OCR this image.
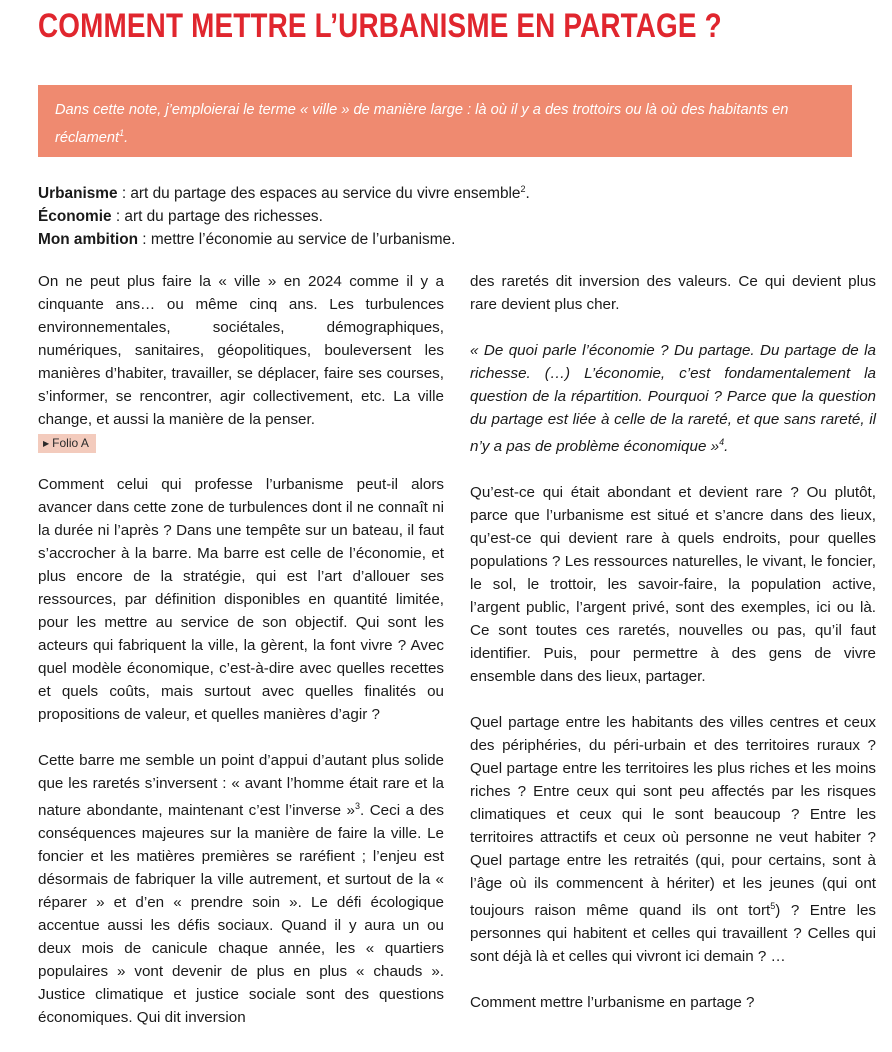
COMMENT METTRE L’URBANISME EN PARTAGE ?
Dans cette note, j’emploierai le terme « ville » de manière large : là où il y a des trottoirs ou là où des habitants en réclament$^1$.
Urbanisme : art du partage des espaces au service du vivre ensemble$^2$.
Économie : art du partage des richesses.
Mon ambition : mettre l’économie au service de l’urbanisme.

On ne peut plus faire la « ville » en 2024 comme il y a cinquante ans… ou même cinq ans. Les turbulences environnementales, sociétales, démographiques, numériques, sanitaires, géopolitiques, bouleversent les manières d’habiter, travailler, se déplacer, faire ses courses, s’informer, se rencontrer, agir collectivement, etc. La ville change, et aussi la manière de la penser.

▶ Folio A

Comment celui qui professe l’urbanisme peut-il alors avancer dans cette zone de turbulences dont il ne connaît ni la durée ni l’après ? Dans une tempête sur un bateau, il faut s’accrocher à la barre. Ma barre est celle de l’économie, et plus encore de la stratégie, qui est l’art d’allouer ses ressources, par définition disponibles en quantité limitée, pour les mettre au service de son objectif. Qui sont les acteurs qui fabriquent la ville, la gèrent, la font vivre ? Avec quel modèle économique, c’est-à-dire avec quelles recettes et quels coûts, mais surtout avec quelles finalités ou propositions de valeur, et quelles manières d’agir ?

Cette barre me semble un point d’appui d’autant plus solide que les raretés s’inversent : « avant l’homme était rare et la nature abondante, maintenant c’est l’inverse »$^3$. Ceci a des conséquences majeures sur la manière de faire la ville. Le foncier et les matières premières se raréfient ; l’enjeu est désormais de fabriquer la ville autrement, et surtout de la « réparer » et d’en « prendre soin ». Le défi écologique accentue aussi les défis sociaux. Quand il y aura un ou deux mois de canicule chaque année, les « quartiers populaires » vont devenir de plus en plus « chauds ». Justice climatique et justice sociale sont des questions économiques. Qui dit inversion

des raretés dit inversion des valeurs. Ce qui devient plus rare devient plus cher.

« De quoi parle l’économie ? Du partage. Du partage de la richesse. (…) L’économie, c’est fondamentalement la question de la répartition. Pourquoi ? Parce que la question du partage est liée à celle de la rareté, et que sans rareté, il n’y a pas de problème économique »$^4$.

Qu’est-ce qui était abondant et devient rare ? Ou plutôt, parce que l’urbanisme est situé et s’ancre dans des lieux, qu’est-ce qui devient rare à quels endroits, pour quelles populations ? Les ressources naturelles, le vivant, le foncier, le sol, le trottoir, les savoir-faire, la population active, l’argent public, l’argent privé, sont des exemples, ici ou là. Ce sont toutes ces raretés, nouvelles ou pas, qu’il faut identifier. Puis, pour permettre à des gens de vivre ensemble dans des lieux, partager.

Quel partage entre les habitants des villes centres et ceux des périphéries, du péri-urbain et des territoires ruraux ? Quel partage entre les territoires les plus riches et les moins riches ? Entre ceux qui sont peu affectés par les risques climatiques et ceux qui le sont beaucoup ? Entre les territoires attractifs et ceux où personne ne veut habiter ? Quel partage entre les retraités (qui, pour certains, sont à l’âge où ils commencent à hériter) et les jeunes (qui ont toujours raison même quand ils ont tort$^5$) ? Entre les personnes qui habitent et celles qui travaillent ? Celles qui sont déjà là et celles qui vivront ici demain ? …

Comment mettre l’urbanisme en partage ?
